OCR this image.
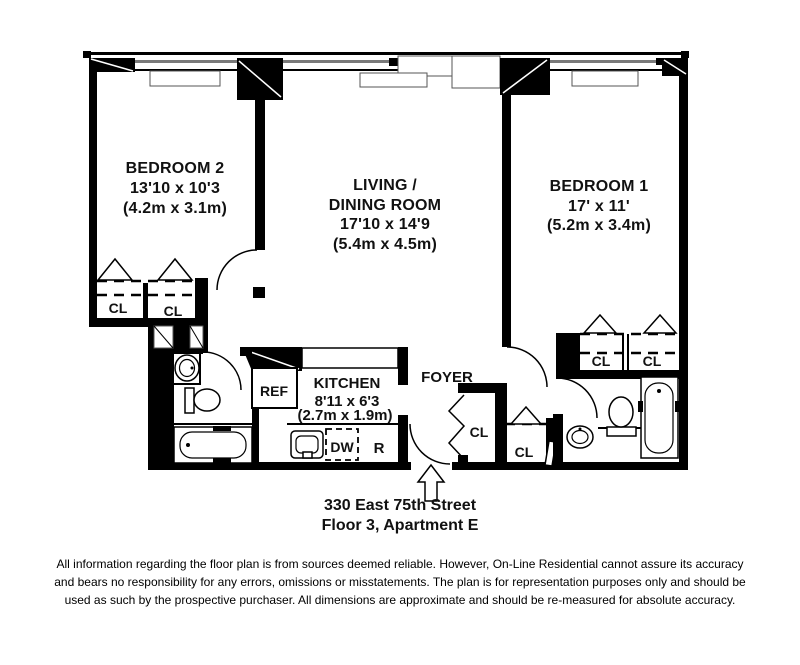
BEDROOM 2
13'10 x 10'3
(4.2m x 3.1m)
LIVING /
DINING ROOM
17'10 x 14'9
(5.4m x 4.5m)
BEDROOM 1
17' x 11'
(5.2m x 3.4m)
KITCHEN
8'11 x 6'3
(2.7m x 1.9m)
FOYER
REF
DW R
CL	CL
CL
CL
CL CL
330 East 75th Street
Floor 3, Apartment E
All information regarding the floor plan is from sources deemed reliable. However, On-Line Residential cannot assure its accuracy
and bears no responsibility for any errors, omissions or misstatements. The plan is for representation purposes only and should be
used as such by the prospective purchaser. All dimensions are approximate and should be re-measured for absolute accuracy.
